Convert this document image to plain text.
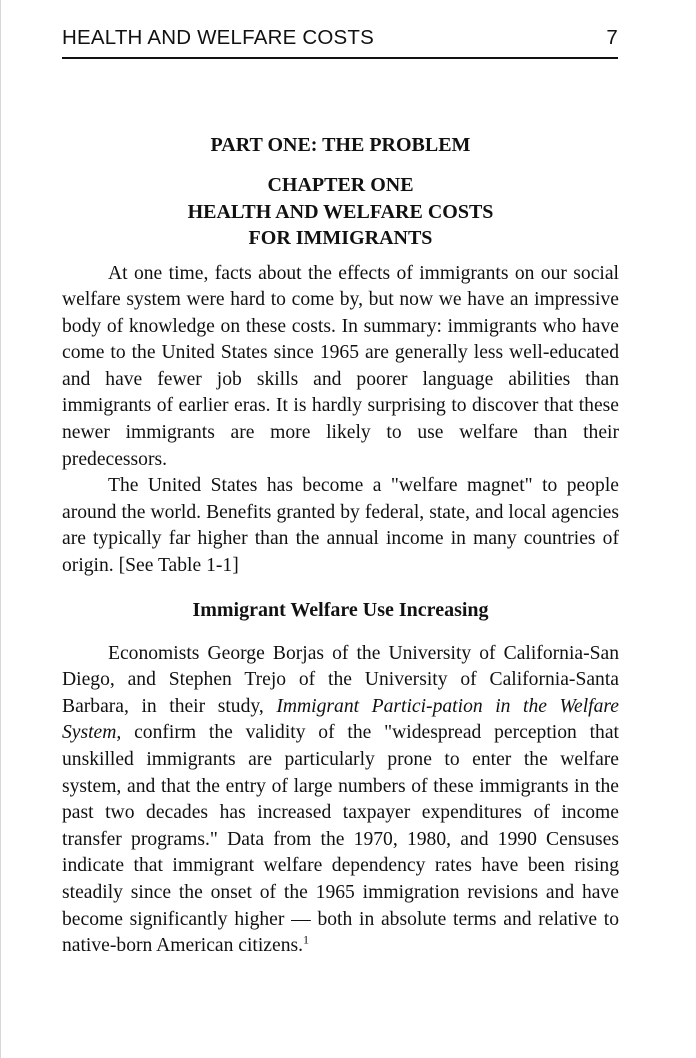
HEALTH AND WELFARE COSTS	7
PART ONE: THE PROBLEM
CHAPTER ONE
HEALTH AND WELFARE COSTS
FOR IMMIGRANTS

At one time, facts about the effects of immigrants on our social welfare system were hard to come by, but now we have an impressive body of knowledge on these costs. In summary: immigrants who have come to the United States since 1965 are generally less well-educated and have fewer job skills and poorer language abilities than immigrants of earlier eras. It is hardly surprising to discover that these newer immigrants are more likely to use welfare than their predecessors.

The United States has become a "welfare magnet" to people around the world. Benefits granted by federal, state, and local agencies are typically far higher than the annual income in many countries of origin. [See Table 1-1]

Immigrant Welfare Use Increasing

Economists George Borjas of the University of California-San Diego, and Stephen Trejo of the University of California-Santa Barbara, in their study, Immigrant Partici-pation in the Welfare System, confirm the validity of the "widespread perception that unskilled immigrants are particularly prone to enter the welfare system, and that the entry of large numbers of these immigrants in the past two decades has increased taxpayer expenditures of income transfer programs." Data from the 1970, 1980, and 1990 Censuses indicate that immigrant welfare dependency rates have been rising steadily since the onset of the 1965 immigration revisions and have become significantly higher — both in absolute terms and relative to native-born American citizens.$^1$
